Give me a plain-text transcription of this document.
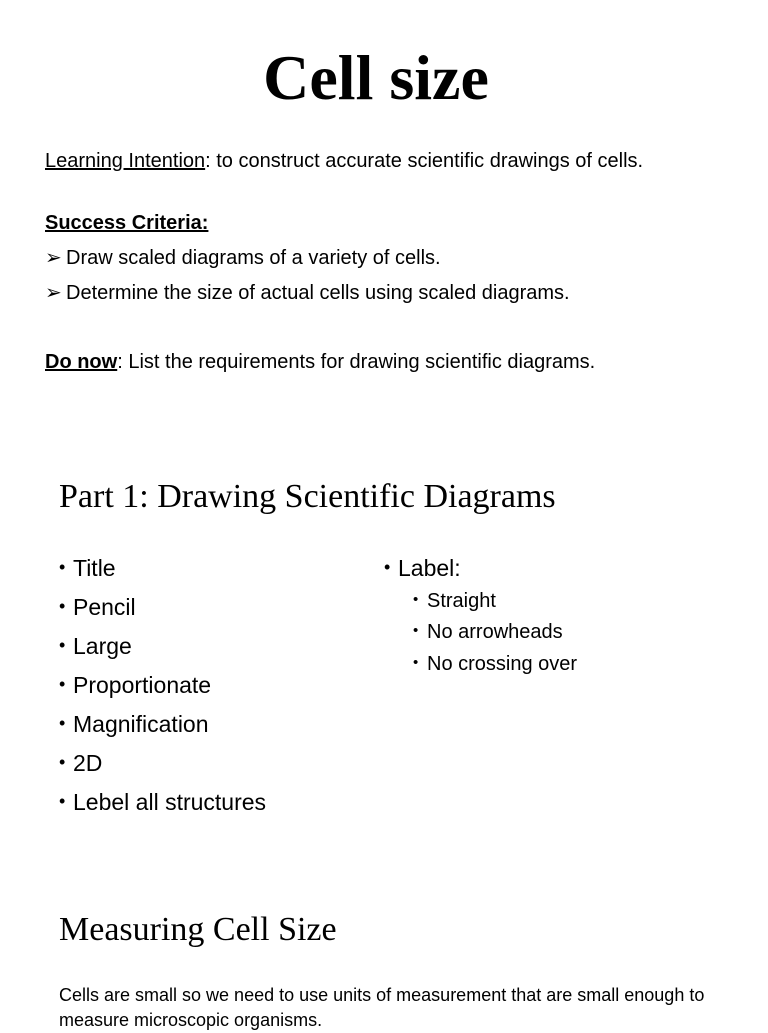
Cell size
Learning Intention: to construct accurate scientific drawings of cells.
Success Criteria:
➢ Draw scaled diagrams of a variety of cells.
➢ Determine the size of actual cells using scaled diagrams.
Do now: List the requirements for drawing scientific diagrams.
Part 1: Drawing Scientific Diagrams
• Title
• Pencil
• Large
• Proportionate
• Magnification
• 2D
• Lebel all structures
• Label:
• Straight
• No arrowheads
• No crossing over
Measuring Cell Size
Cells are small so we need to use units of measurement that are small enough to measure microscopic organisms.
